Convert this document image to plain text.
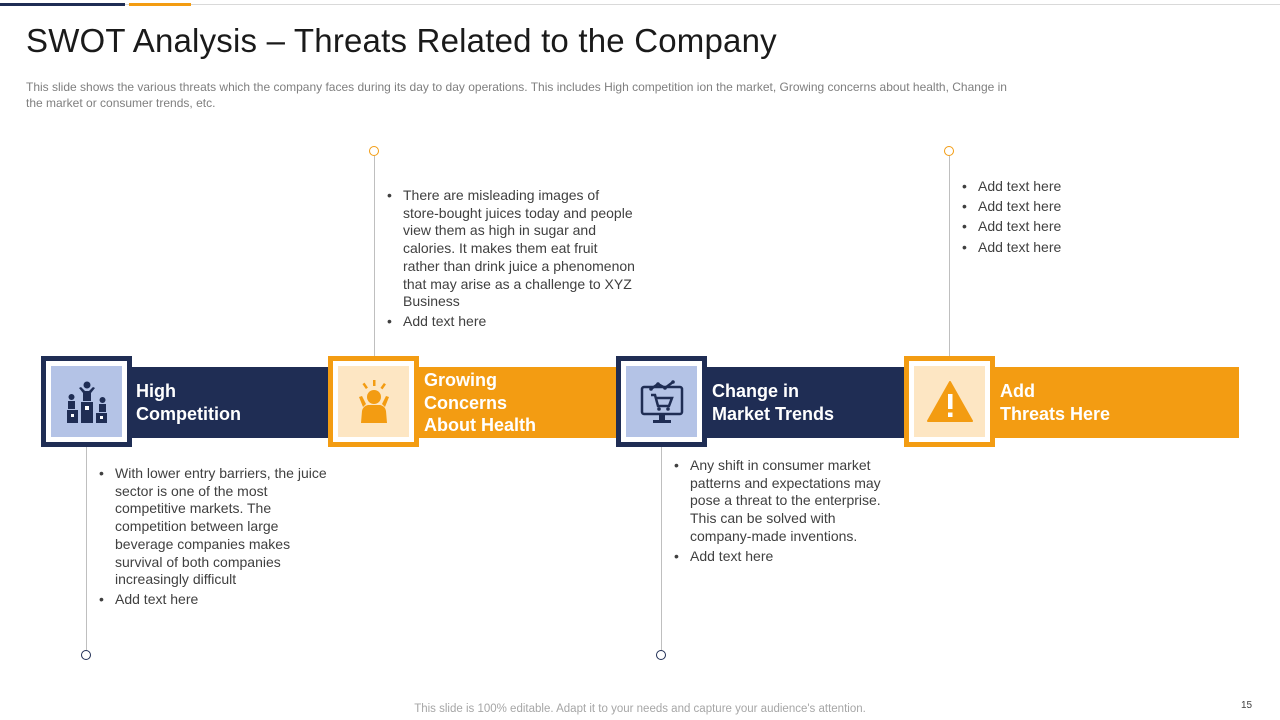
SWOT Analysis – Threats Related to the Company

This slide shows the various threats which the company faces during its day to day operations. This includes High competition ion the market, Growing concerns about health, Change in the market or consumer trends, etc.

High
Competition
Growing
Concerns
About Health
Change in
Market Trends
Add
Threats Here
• With lower entry barriers, the juice sector is one of the most competitive markets. The competition between large beverage companies makes survival of both companies increasingly difficult
• Add text here
• There are misleading images of store-bought juices today and people view them as high in sugar and calories. It makes them eat fruit rather than drink juice a phenomenon that may arise as a challenge to XYZ Business
• Add text here
• Any shift in consumer market patterns and expectations may pose a threat to the enterprise. This can be solved with company-made inventions.
• Add text here
• Add text here
• Add text here
• Add text here
• Add text here
This slide is 100% editable. Adapt it to your needs and capture your audience's attention.	15
